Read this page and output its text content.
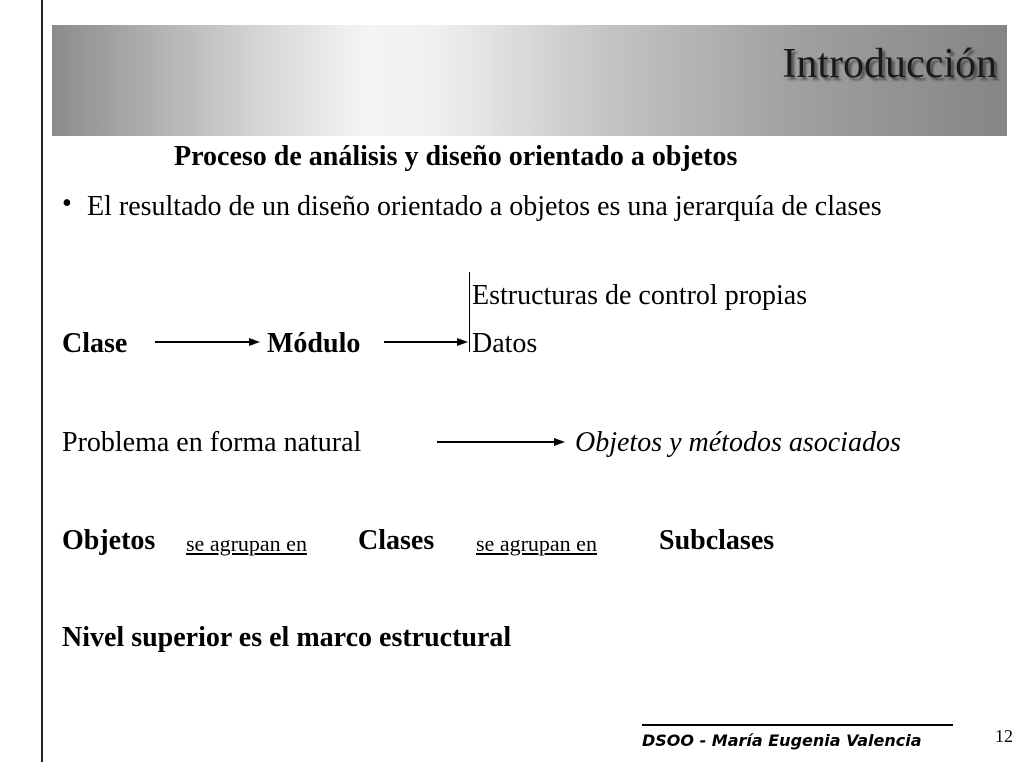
Introducción
Proceso de análisis y diseño orientado a objetos
• El resultado de un diseño orientado a objetos es una jerarquía de clases
Estructuras de control propias
Clase	Módulo	Datos
Problema en forma natural	Objetos y métodos asociados
Objetos se agrupan en Clases se agrupan en Subclases
Nivel superior es el marco estructural
DSOO - María Eugenia Valencia	12
